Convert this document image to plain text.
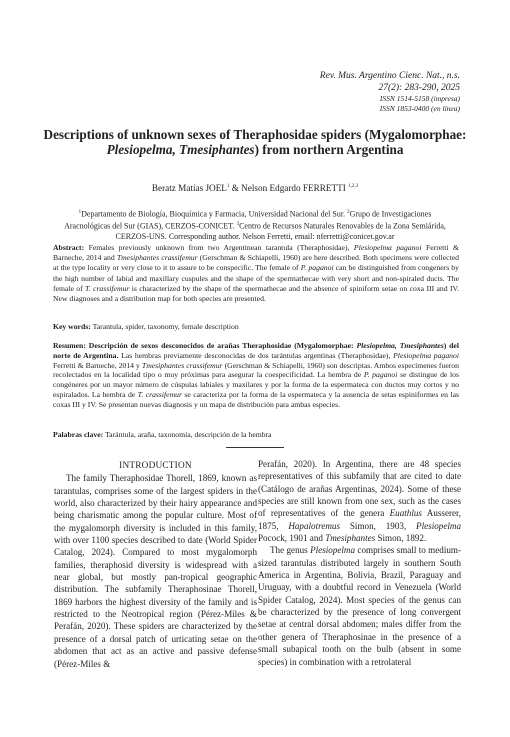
Rev. Mus. Argentino Cienc. Nat., n.s.
27(2): 283-290, 2025
ISSN 1514-5158 (impresa)
ISSN 1853-0400 (en línea)
Descriptions of unknown sexes of Theraphosidae spiders (Mygalomorphae: Plesiopelma, Tmesiphantes) from northern Argentina

Beratz Matías JOEL$^1$ & Nelson Edgardo FERRETTI $^{1,2,3}$

$^1$Departamento de Biología, Bioquímica y Farmacia, Universidad Nacional del Sur. $^2$Grupo de Investigaciones Aracnológicas del Sur (GIAS), CERZOS-CONICET. $^3$Centro de Recursos Naturales Renovables de la Zona Semiárida, CERZOS-UNS. Corresponding author. Nelson Ferretti, email: nferretti@conicet.gov.ar

Abstract: Females previously unknown from two Argentinean tarantula (Theraphosidae), Plesiopelma paganoi Ferretti & Barneche, 2014 and Tmesiphantes crassifemur (Gerschman & Schiapelli, 1960) are here described. Both specimens were collected at the type locality or very close to it to assure to be conspecific. The female of P. paganoi can be distinguished from congeners by the high number of labial and maxillary cuspules and the shape of the spermathecae with very short and non-spiraled ducts. The female of T. crassifemur is characterized by the shape of the spermathecae and the absence of spiniform setae on coxa III and IV. New diagnoses and a distribution map for both species are presented.

Key words: Tarantula, spider, taxonomy, female description

Resumen: Descripción de sexos desconocidos de arañas Theraphosidae (Mygalomorphae: Plesiopelma, Tmesiphantes) del norte de Argentina. Las hembras previamente desconocidas de dos tarántulas argentinas (Theraphosidae), Plesiopelma paganoi Ferretti & Barneche, 2014 y Tmesiphantes crassifemur (Gerschman & Schiapelli, 1960) son descriptas. Ambos especímenes fueron recolectados en la localidad tipo o muy próximas para asegurar la coespecificidad. La hembra de P. paganoi se distingue de los congéneres por un mayor número de cúspulas labiales y maxilares y por la forma de la espermateca con ductos muy cortos y no espiralados. La hembra de T. crassifemur se caracteriza por la forma de la espermateca y la ausencia de setas espiniformes en las coxas III y IV. Se presentan nuevas diagnosis y un mapa de distribución para ambas especies.

Palabras clave: Tarántula, araña, taxonomía, descripción de la hembra

INTRODUCTION

The family Theraphosidae Thorell, 1869, known as tarantulas, comprises some of the largest spiders in the world, also characterized by their hairy appearance and being charismatic among the popular culture. Most of the mygalomorph diversity is included in this family, with over 1100 species described to date (World Spider Catalog, 2024). Compared to most mygalomorph families, theraphosid diversity is widespread with a near global, but mostly pan-tropical geographic distribution. The subfamily Theraphosinae Thorell, 1869 harbors the highest diversity of the family and is restricted to the Neotropical region (Pérez-Miles & Perafán, 2020). These spiders are characterized by the presence of a dorsal patch of urticating setae on the abdomen that act as an active and passive defense (Pérez-Miles &

Perafán, 2020). In Argentina, there are 48 species representatives of this subfamily that are cited to date (Catálogo de arañas Argentinas, 2024). Some of these species are still known from one sex, such as the cases of representatives of the genera Euathlus Ausserer, 1875, Hapalotremus Simon, 1903, Plesiopelma Pocock, 1901 and Tmesiphantes Simon, 1892.

The genus Plesiopelma comprises small to medium-sized tarantulas distributed largely in southern South America in Argentina, Bolivia, Brazil, Paraguay and Uruguay, with a doubtful record in Venezuela (World Spider Catalog, 2024). Most species of the genus can be characterized by the presence of long convergent setae at central dorsal abdomen; males differ from the other genera of Theraphosinae in the presence of a small subapical tooth on the bulb (absent in some species) in combination with a retrolateral
